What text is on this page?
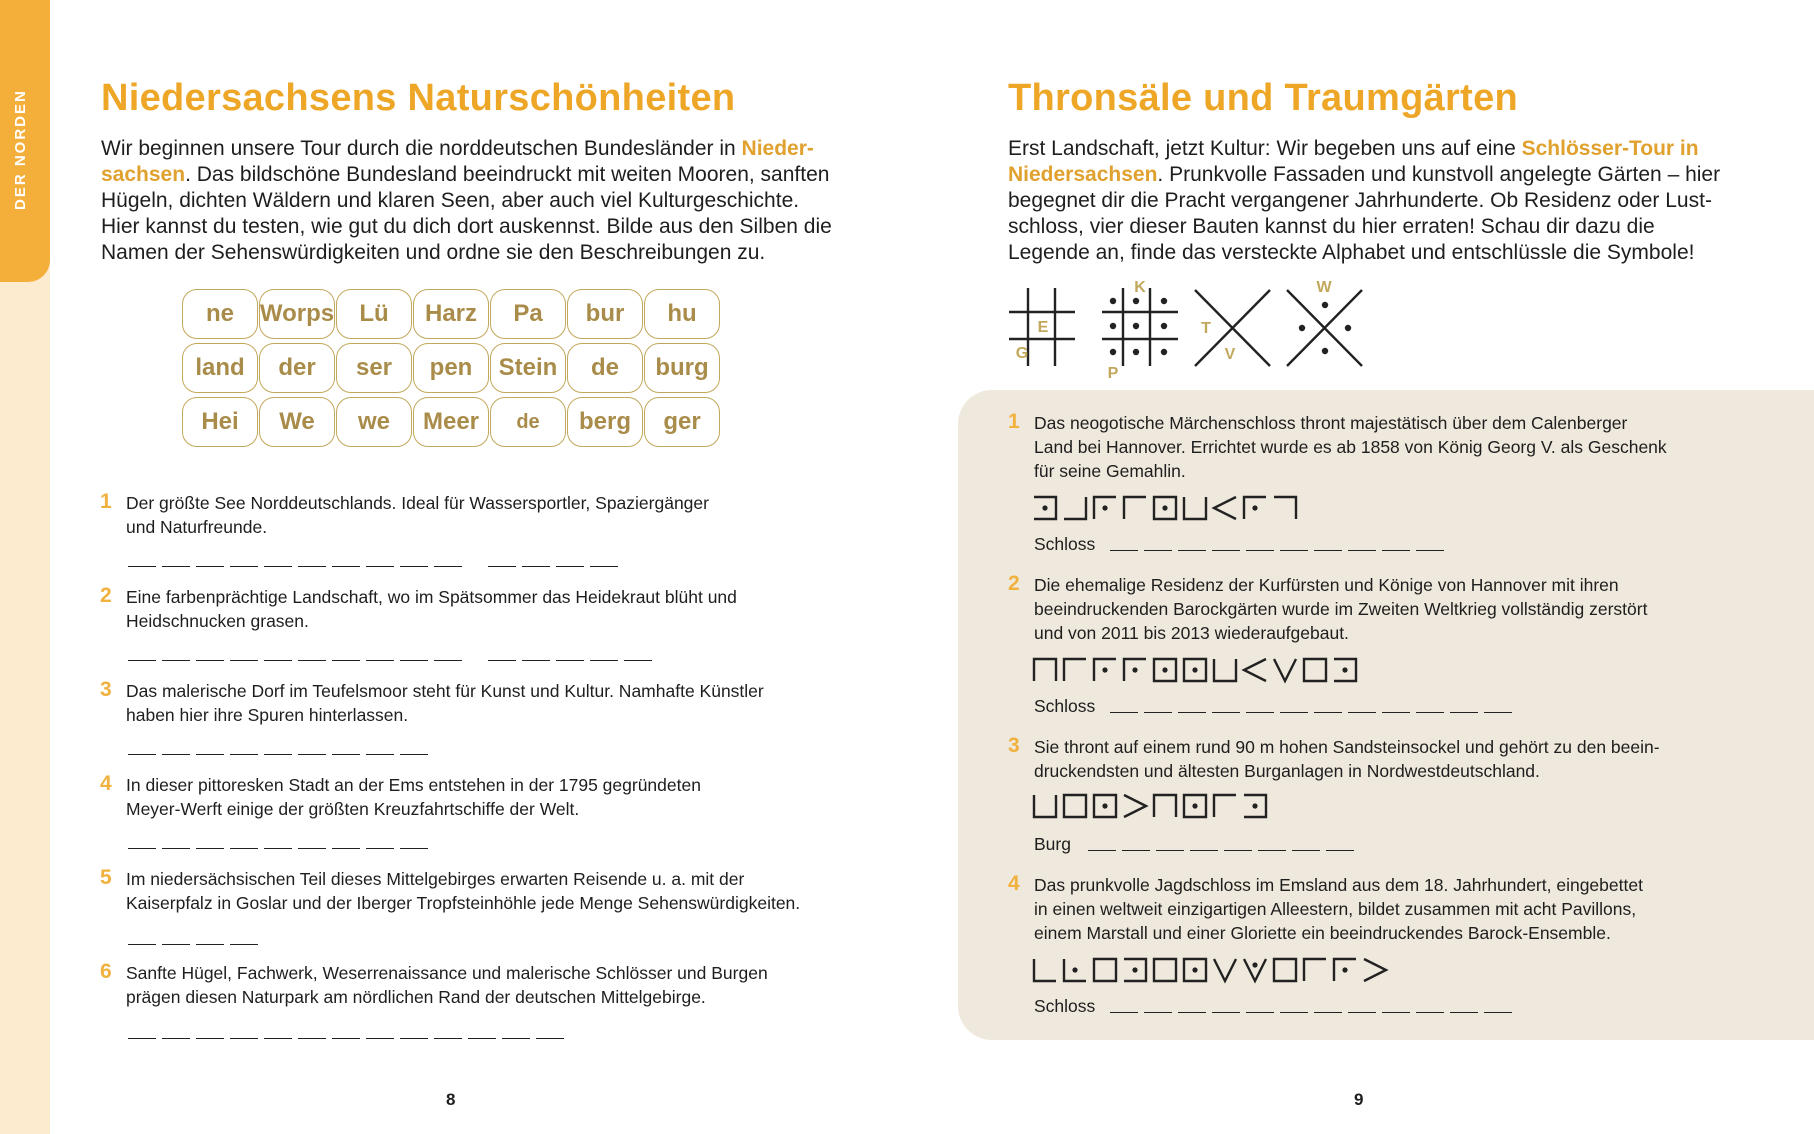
DER NORDEN Niedersachsens Naturschönheiten

Wir beginnen unsere Tour durch die norddeutschen Bundesländer in Nieder-
sachsen. Das bildschöne Bundesland beeindruckt mit weiten Mooren, sanften
Hügeln, dichten Wäldern und klaren Seen, aber auch viel Kulturgeschichte.
Hier kannst du testen, wie gut du dich dort auskennst. Bilde aus den Silben die
Namen der Sehenswürdigkeiten und ordne sie den Beschreibungen zu.

ne	Worps	Lü	Harz	Pa	bur	hu
land	der	ser	pen	Stein	de	burg
Hei	We	we	Meer	de	berg	ger
1 Der größte See Norddeutschlands. Ideal für Wassersportler, Spaziergänger
und Naturfreunde.
2 Eine farbenprächtige Landschaft, wo im Spätsommer das Heidekraut blüht und
Heidschnucken grasen.
3 Das malerische Dorf im Teufelsmoor steht für Kunst und Kultur. Namhafte Künstler
haben hier ihre Spuren hinterlassen.
4 In dieser pittoresken Stadt an der Ems entstehen in der 1795 gegründeten
Meyer-Werft einige der größten Kreuzfahrtschiffe der Welt.
5 Im niedersächsischen Teil dieses Mittelgebirges erwarten Reisende u. a. mit der
Kaiserpfalz in Goslar und der Iberger Tropfsteinhöhle jede Menge Sehenswürdigkeiten.
6 Sanfte Hügel, Fachwerk, Weserrenaissance und malerische Schlösser und Burgen
prägen diesen Naturpark am nördlichen Rand der deutschen Mittelgebirge.
8
Thronsäle und Traumgärten

Erst Landschaft, jetzt Kultur: Wir begeben uns auf eine Schlösser-Tour in
Niedersachsen. Prunkvolle Fassaden und kunstvoll angelegte Gärten – hier
begegnet dir die Pracht vergangener Jahrhunderte. Ob Residenz oder Lust-
schloss, vier dieser Bauten kannst du hier erraten! Schau dir dazu die
Legende an, finde das versteckte Alphabet und entschlüssle die Symbole!

E
G
K
P
T
V
W
1 Das neogotische Märchenschloss thront majestätisch über dem Calenberger
Land bei Hannover. Errichtet wurde es ab 1858 von König Georg V. als Geschenk
für seine Gemahlin.
Schloss
2 Die ehemalige Residenz der Kurfürsten und Könige von Hannover mit ihren
beeindruckenden Barockgärten wurde im Zweiten Weltkrieg vollständig zerstört
und von 2011 bis 2013 wiederaufgebaut.
Schloss
3 Sie thront auf einem rund 90 m hohen Sandsteinsockel und gehört zu den beein-
druckendsten und ältesten Burganlagen in Nordwestdeutschland.
Burg
4 Das prunkvolle Jagdschloss im Emsland aus dem 18. Jahrhundert, eingebettet
in einen weltweit einzigartigen Alleestern, bildet zusammen mit acht Pavillons,
einem Marstall und einer Gloriette ein beeindruckendes Barock-Ensemble.
Schloss
9
